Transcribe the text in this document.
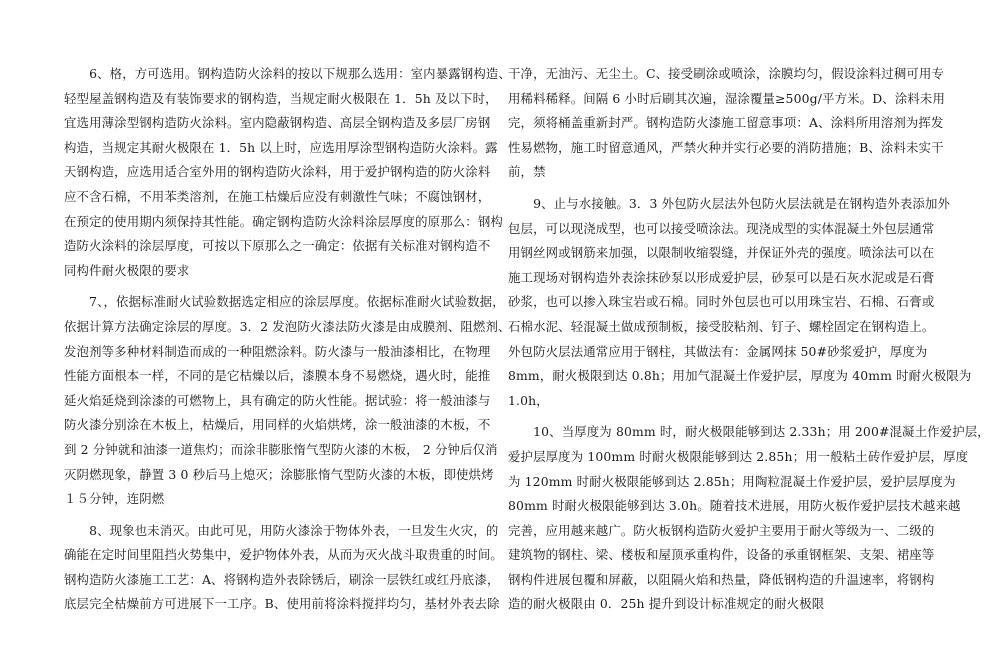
　　6、格，方可选用。钢构造防火涂料的按以下规那么选用：室内暴露钢构造、
轻型屋盖钢构造及有装饰要求的钢构造，当规定耐火极限在 1．5h 及以下时，
宜选用薄涂型钢构造防火涂料。室内隐蔽钢构造、高层全钢构造及多层厂房钢
构造，当规定其耐火极限在 1．5h 以上时，应选用厚涂型钢构造防火涂料。露
天钢构造，应选用适合室外用的钢构造防火涂料，用于爱护钢构造的防火涂料
应不含石棉，不用苯类溶剂，在施工枯燥后应没有刺激性气味；不腐蚀钢材，
在预定的使用期内须保持其性能。确定钢构造防火涂料涂层厚度的原那么：钢构
造防火涂料的涂层厚度，可按以下原那么之一确定：依据有关标准对钢构造不
同构件耐火极限的要求
　　7、，依据标准耐火试验数据选定相应的涂层厚度。依据标准耐火试验数据，
依据计算方法确定涂层的厚度。3．2 发泡防火漆法防火漆是由成膜剂、阻燃剂、
发泡剂等多种材料制造而成的一种阻燃涂料。防火漆与一般油漆相比，在物理
性能方面根本一样，不同的是它枯燥以后，漆膜本身不易燃烧，遇火时，能推
延火焰延烧到涂漆的可燃物上，具有确定的防火性能。据试验：将一般油漆与
防火漆分别涂在木板上，枯燥后，用同样的火焰烘烤，涂一般油漆的木板，不
到 2 分钟就和油漆一道焦灼；而涂非膨胀惰气型防火漆的木板， 2 分钟后仅消
灭阴燃现象，静置 3 0 秒后马上熄灭；涂膨胀惰气型防火漆的木板，即使烘烤
１５分钟，连阴燃
　　8、现象也未消灭。由此可见，用防火漆涂于物体外表，一旦发生火灾，的
确能在定时间里阻挡火势集中，爱护物体外表，从而为灭火战斗取贵重的时间。
钢构造防火漆施工工艺：A、将钢构造外表除锈后，刷涂一层铁红或红丹底漆，
底层完全枯燥前方可进展下一工序。B、使用前将涂料搅拌均匀，基材外表去除
干净，无油污、无尘土。C、接受刷涂或喷涂，涂膜均匀，假设涂料过稠可用专
用稀料稀释。间隔 6 小时后刷其次遍，湿涂覆量≥500g/平方米。D、涂料未用
完，须将桶盖重新封严。钢构造防火漆施工留意事项：A、涂料所用溶剂为挥发
性易燃物，施工时留意通风，严禁火种并实行必要的消防措施；B、涂料未实干
前，禁
　　9、止与水接触。3．3 外包防火层法外包防火层法就是在钢构造外表添加外
包层，可以现浇成型，也可以接受喷涂法。现浇成型的实体混凝土外包层通常
用钢丝网或钢筋来加强，以限制收缩裂缝，并保证外壳的强度。喷涂法可以在
施工现场对钢构造外表涂抹砂泵以形成爱护层，砂泵可以是石灰水泥或是石膏
砂浆，也可以掺入珠宝岩或石棉。同时外包层也可以用珠宝岩、石棉、石膏或
石棉水泥、轻混凝土做成预制板，接受胶粘剂、钉子、螺栓固定在钢构造上。
外包防火层法通常应用于钢柱，其做法有：金属网抹 50#砂浆爱护，厚度为
8mm，耐火极限到达 0.8h；用加气混凝土作爱护层，厚度为 40mm 时耐火极限为
1.0h，
　　10、当厚度为 80mm 时，耐火极限能够到达 2.33h；用 200#混凝土作爱护层，
爱护层厚度为 100mm 时耐火极限能够到达 2.85h；用一般粘土砖作爱护层，厚度
为 120mm 时耐火极限能够到达 2.85h；用陶粒混凝土作爱护层，爱护层厚度为
80mm 时耐火极限能够到达 3.0h。随着技术进展，用防火板作爱护层技术越来越
完善，应用越来越广。防火板钢构造防火爱护主要用于耐火等级为一、二级的
建筑物的钢柱、梁、楼板和屋顶承重构件，设备的承重钢框架、支架、裙座等
钢构件进展包覆和屏蔽，以阻隔火焰和热量，降低钢构造的升温速率，将钢构
造的耐火极限由 0．25h 提升到设计标准规定的耐火极限
